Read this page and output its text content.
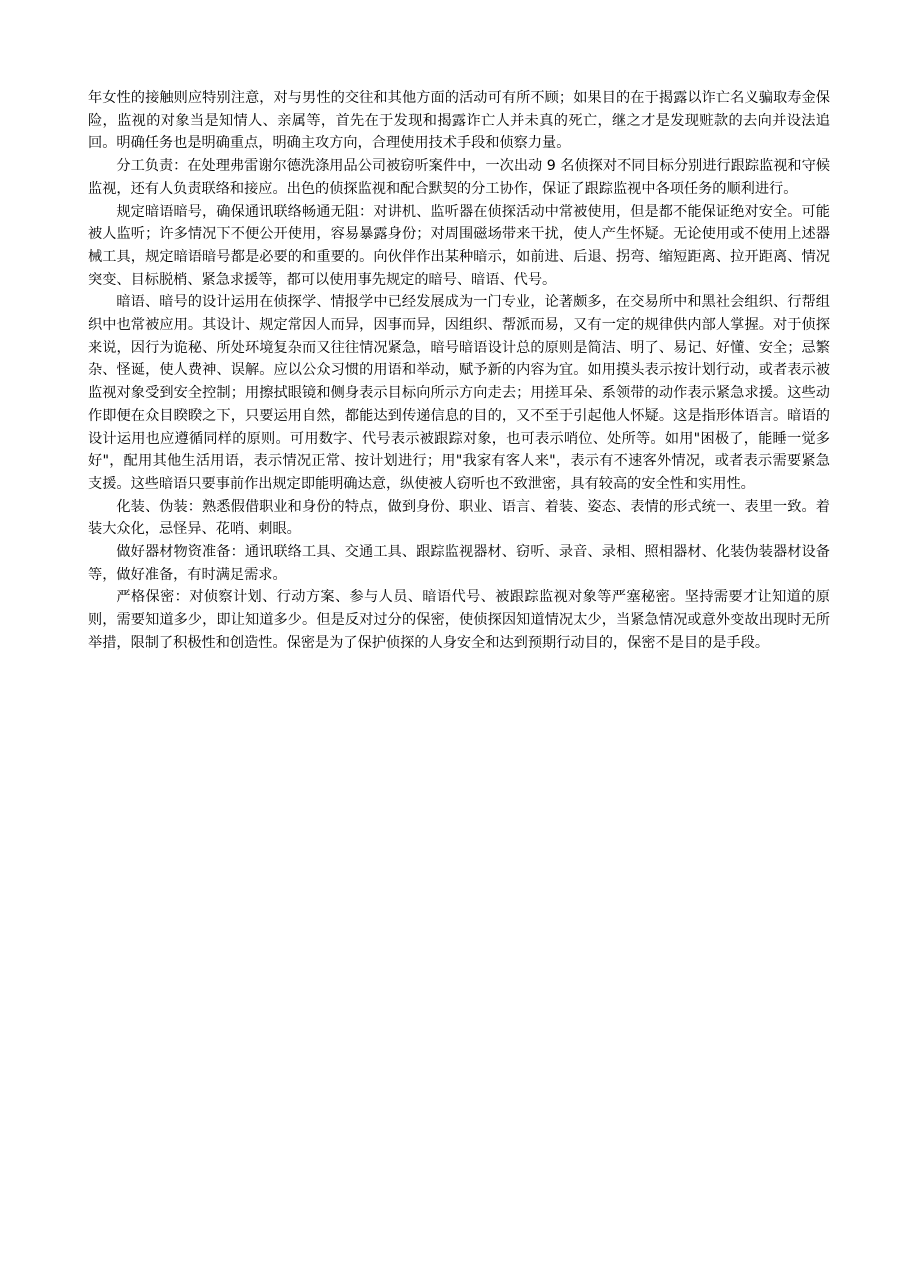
年女性的接触则应特别注意，对与男性的交往和其他方面的活动可有所不顾；如果目的在于揭露以诈亡名义骗取寿金保险，监视的对象当是知情人、亲属等，首先在于发现和揭露诈亡人并未真的死亡，继之才是发现赃款的去向并设法追回。明确任务也是明确重点，明确主攻方向，合理使用技术手段和侦察力量。

分工负责：在处理弗雷谢尔德洗涤用品公司被窃听案件中，一次出动 9 名侦探对不同目标分别进行跟踪监视和守候监视，还有人负责联络和接应。出色的侦探监视和配合默契的分工协作，保证了跟踪监视中各项任务的顺利进行。

规定暗语暗号，确保通讯联络畅通无阻：对讲机、监听器在侦探活动中常被使用，但是都不能保证绝对安全。可能被人监听；许多情况下不便公开使用，容易暴露身份；对周围磁场带来干扰，使人产生怀疑。无论使用或不使用上述器械工具，规定暗语暗号都是必要的和重要的。向伙伴作出某种暗示，如前进、后退、拐弯、缩短距离、拉开距离、情况突变、目标脱梢、紧急求援等，都可以使用事先规定的暗号、暗语、代号。

暗语、暗号的设计运用在侦探学、情报学中已经发展成为一门专业，论著颇多，在交易所中和黑社会组织、行帮组织中也常被应用。其设计、规定常因人而异，因事而异，因组织、帮派而易，又有一定的规律供内部人掌握。对于侦探来说，因行为诡秘、所处环境复杂而又往往情况紧急，暗号暗语设计总的原则是简洁、明了、易记、好懂、安全；忌繁杂、怪诞，使人费神、误解。应以公众习惯的用语和举动，赋予新的内容为宜。如用摸头表示按计划行动，或者表示被监视对象受到安全控制；用擦拭眼镜和侧身表示目标向所示方向走去；用搓耳朵、系领带的动作表示紧急求援。这些动作即便在众目睽睽之下，只要运用自然，都能达到传递信息的目的，又不至于引起他人怀疑。这是指形体语言。暗语的设计运用也应遵循同样的原则。可用数字、代号表示被跟踪对象，也可表示哨位、处所等。如用"困极了，能睡一觉多好"，配用其他生活用语，表示情况正常、按计划进行；用"我家有客人来"，表示有不速客外情况，或者表示需要紧急支援。这些暗语只要事前作出规定即能明确达意，纵使被人窃听也不致泄密，具有较高的安全性和实用性。

化装、伪装：熟悉假借职业和身份的特点，做到身份、职业、语言、着装、姿态、表情的形式统一、表里一致。着装大众化，忌怪异、花哨、刺眼。

做好器材物资准备：通讯联络工具、交通工具、跟踪监视器材、窃听、录音、录相、照相器材、化装伪装器材设备等，做好准备，有时满足需求。

严格保密：对侦察计划、行动方案、参与人员、暗语代号、被跟踪监视对象等严塞秘密。坚持需要才让知道的原则，需要知道多少，即让知道多少。但是反对过分的保密，使侦探因知道情况太少，当紧急情况或意外变故出现时无所举措，限制了积极性和创造性。保密是为了保护侦探的人身安全和达到预期行动目的，保密不是目的是手段。
